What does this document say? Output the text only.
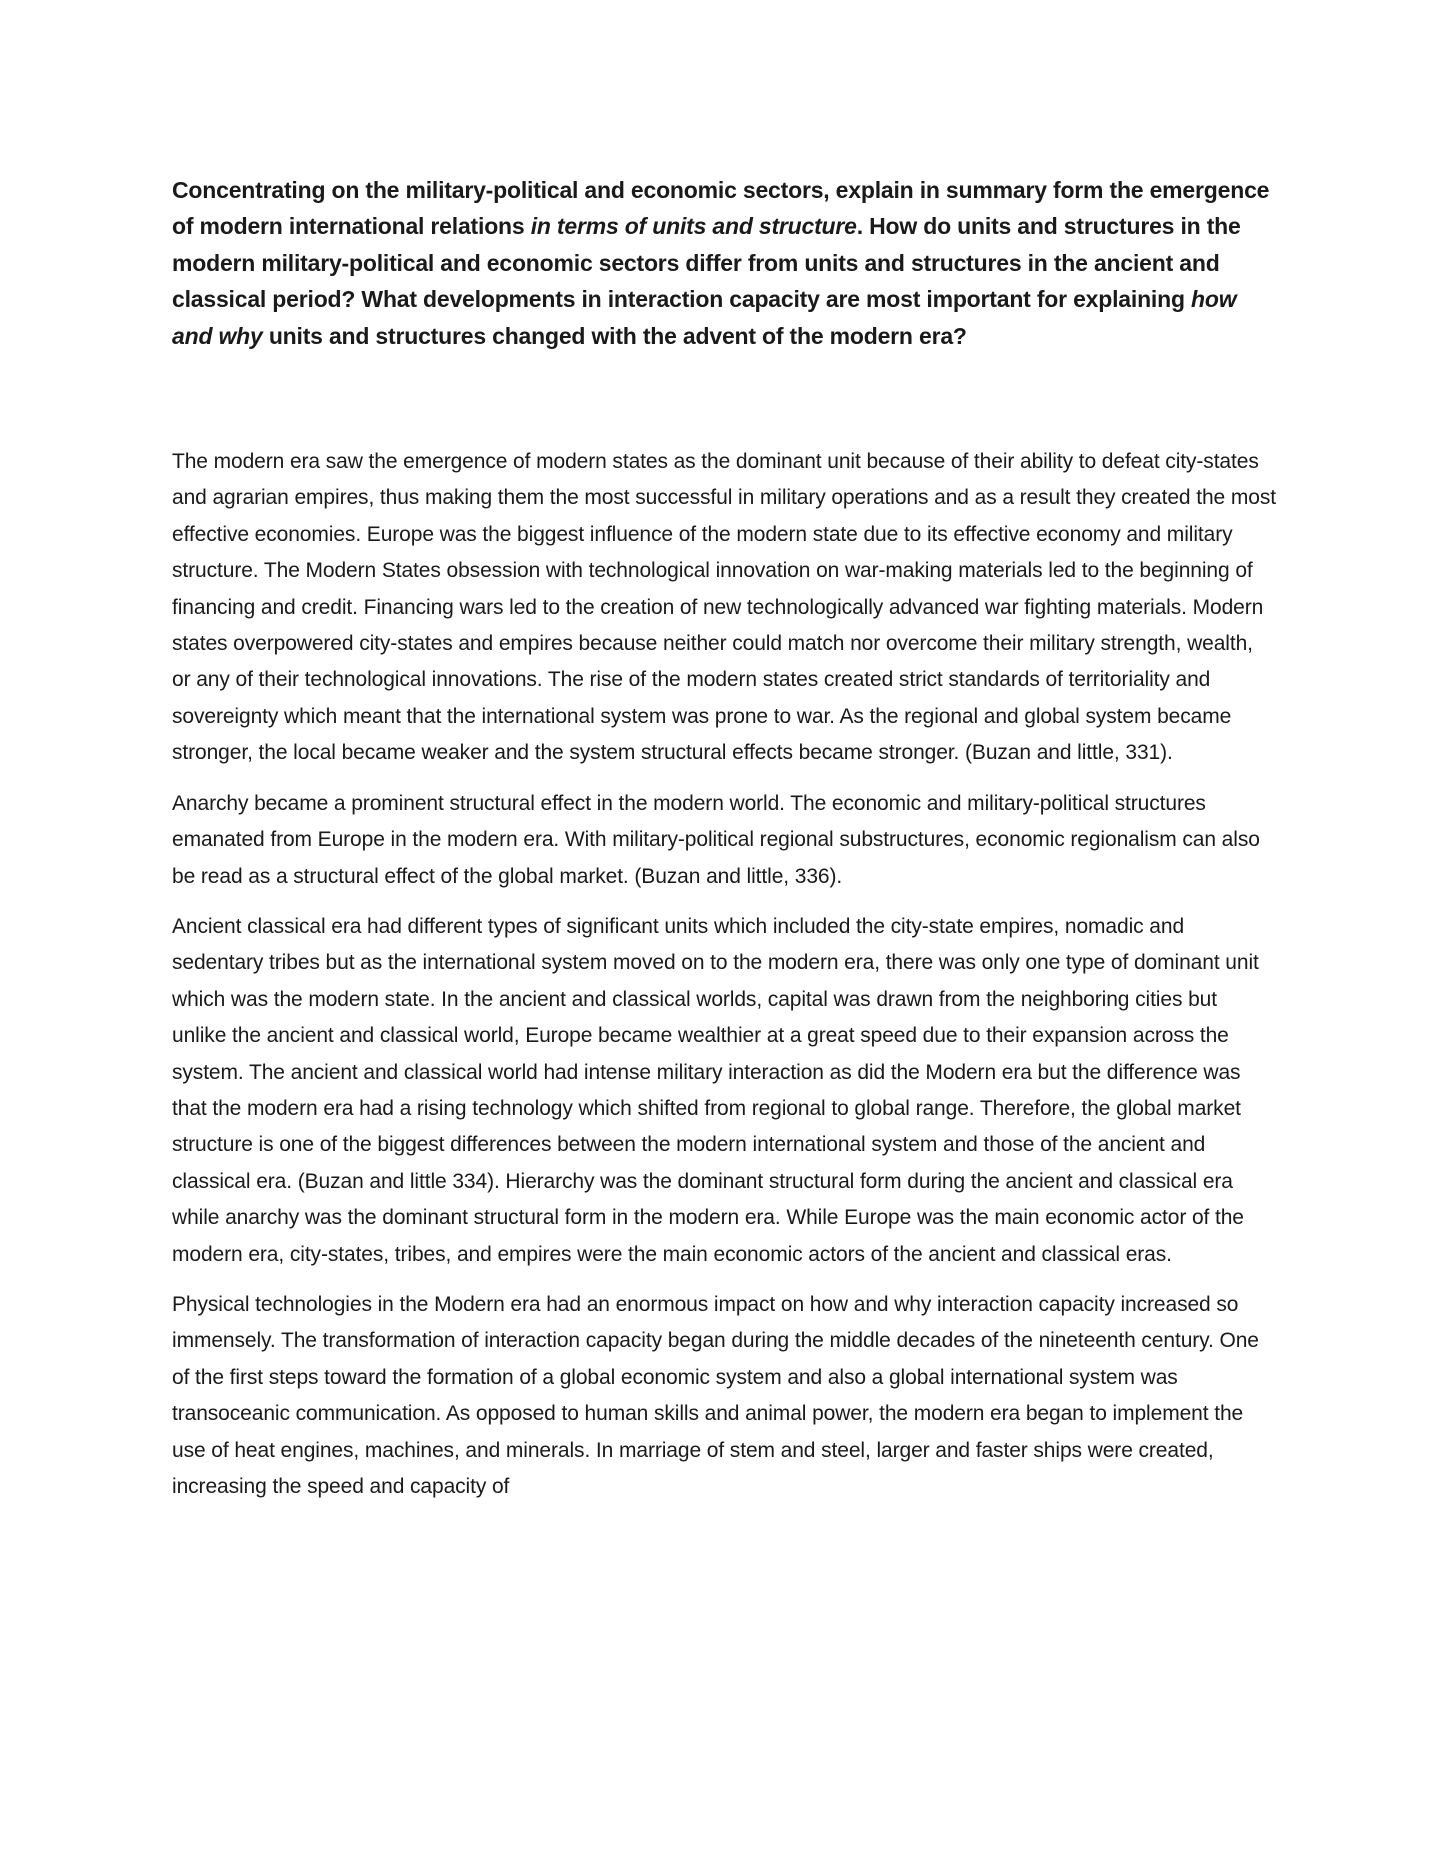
Concentrating on the military-political and economic sectors, explain in summary form the emergence of modern international relations in terms of units and structure. How do units and structures in the modern military-political and economic sectors differ from units and structures in the ancient and classical period? What developments in interaction capacity are most important for explaining how and why units and structures changed with the advent of the modern era?

The modern era saw the emergence of modern states as the dominant unit because of their ability to defeat city-states and agrarian empires, thus making them the most successful in military operations and as a result they created the most effective economies. Europe was the biggest influence of the modern state due to its effective economy and military structure. The Modern States obsession with technological innovation on war-making materials led to the beginning of financing and credit. Financing wars led to the creation of new technologically advanced war fighting materials. Modern states overpowered city-states and empires because neither could match nor overcome their military strength, wealth, or any of their technological innovations. The rise of the modern states created strict standards of territoriality and sovereignty which meant that the international system was prone to war. As the regional and global system became stronger, the local became weaker and the system structural effects became stronger. (Buzan and little, 331).

Anarchy became a prominent structural effect in the modern world. The economic and military-political structures emanated from Europe in the modern era. With military-political regional substructures, economic regionalism can also be read as a structural effect of the global market. (Buzan and little, 336).

Ancient classical era had different types of significant units which included the city-state empires, nomadic and sedentary tribes but as the international system moved on to the modern era, there was only one type of dominant unit which was the modern state. In the ancient and classical worlds, capital was drawn from the neighboring cities but unlike the ancient and classical world, Europe became wealthier at a great speed due to their expansion across the system. The ancient and classical world had intense military interaction as did the Modern era but the difference was that the modern era had a rising technology which shifted from regional to global range. Therefore, the global market structure is one of the biggest differences between the modern international system and those of the ancient and classical era. (Buzan and little 334). Hierarchy was the dominant structural form during the ancient and classical era while anarchy was the dominant structural form in the modern era. While Europe was the main economic actor of the modern era, city-states, tribes, and empires were the main economic actors of the ancient and classical eras.

Physical technologies in the Modern era had an enormous impact on how and why interaction capacity increased so immensely. The transformation of interaction capacity began during the middle decades of the nineteenth century. One of the first steps toward the formation of a global economic system and also a global international system was transoceanic communication. As opposed to human skills and animal power, the modern era began to implement the use of heat engines, machines, and minerals. In marriage of stem and steel, larger and faster ships were created, increasing the speed and capacity of
